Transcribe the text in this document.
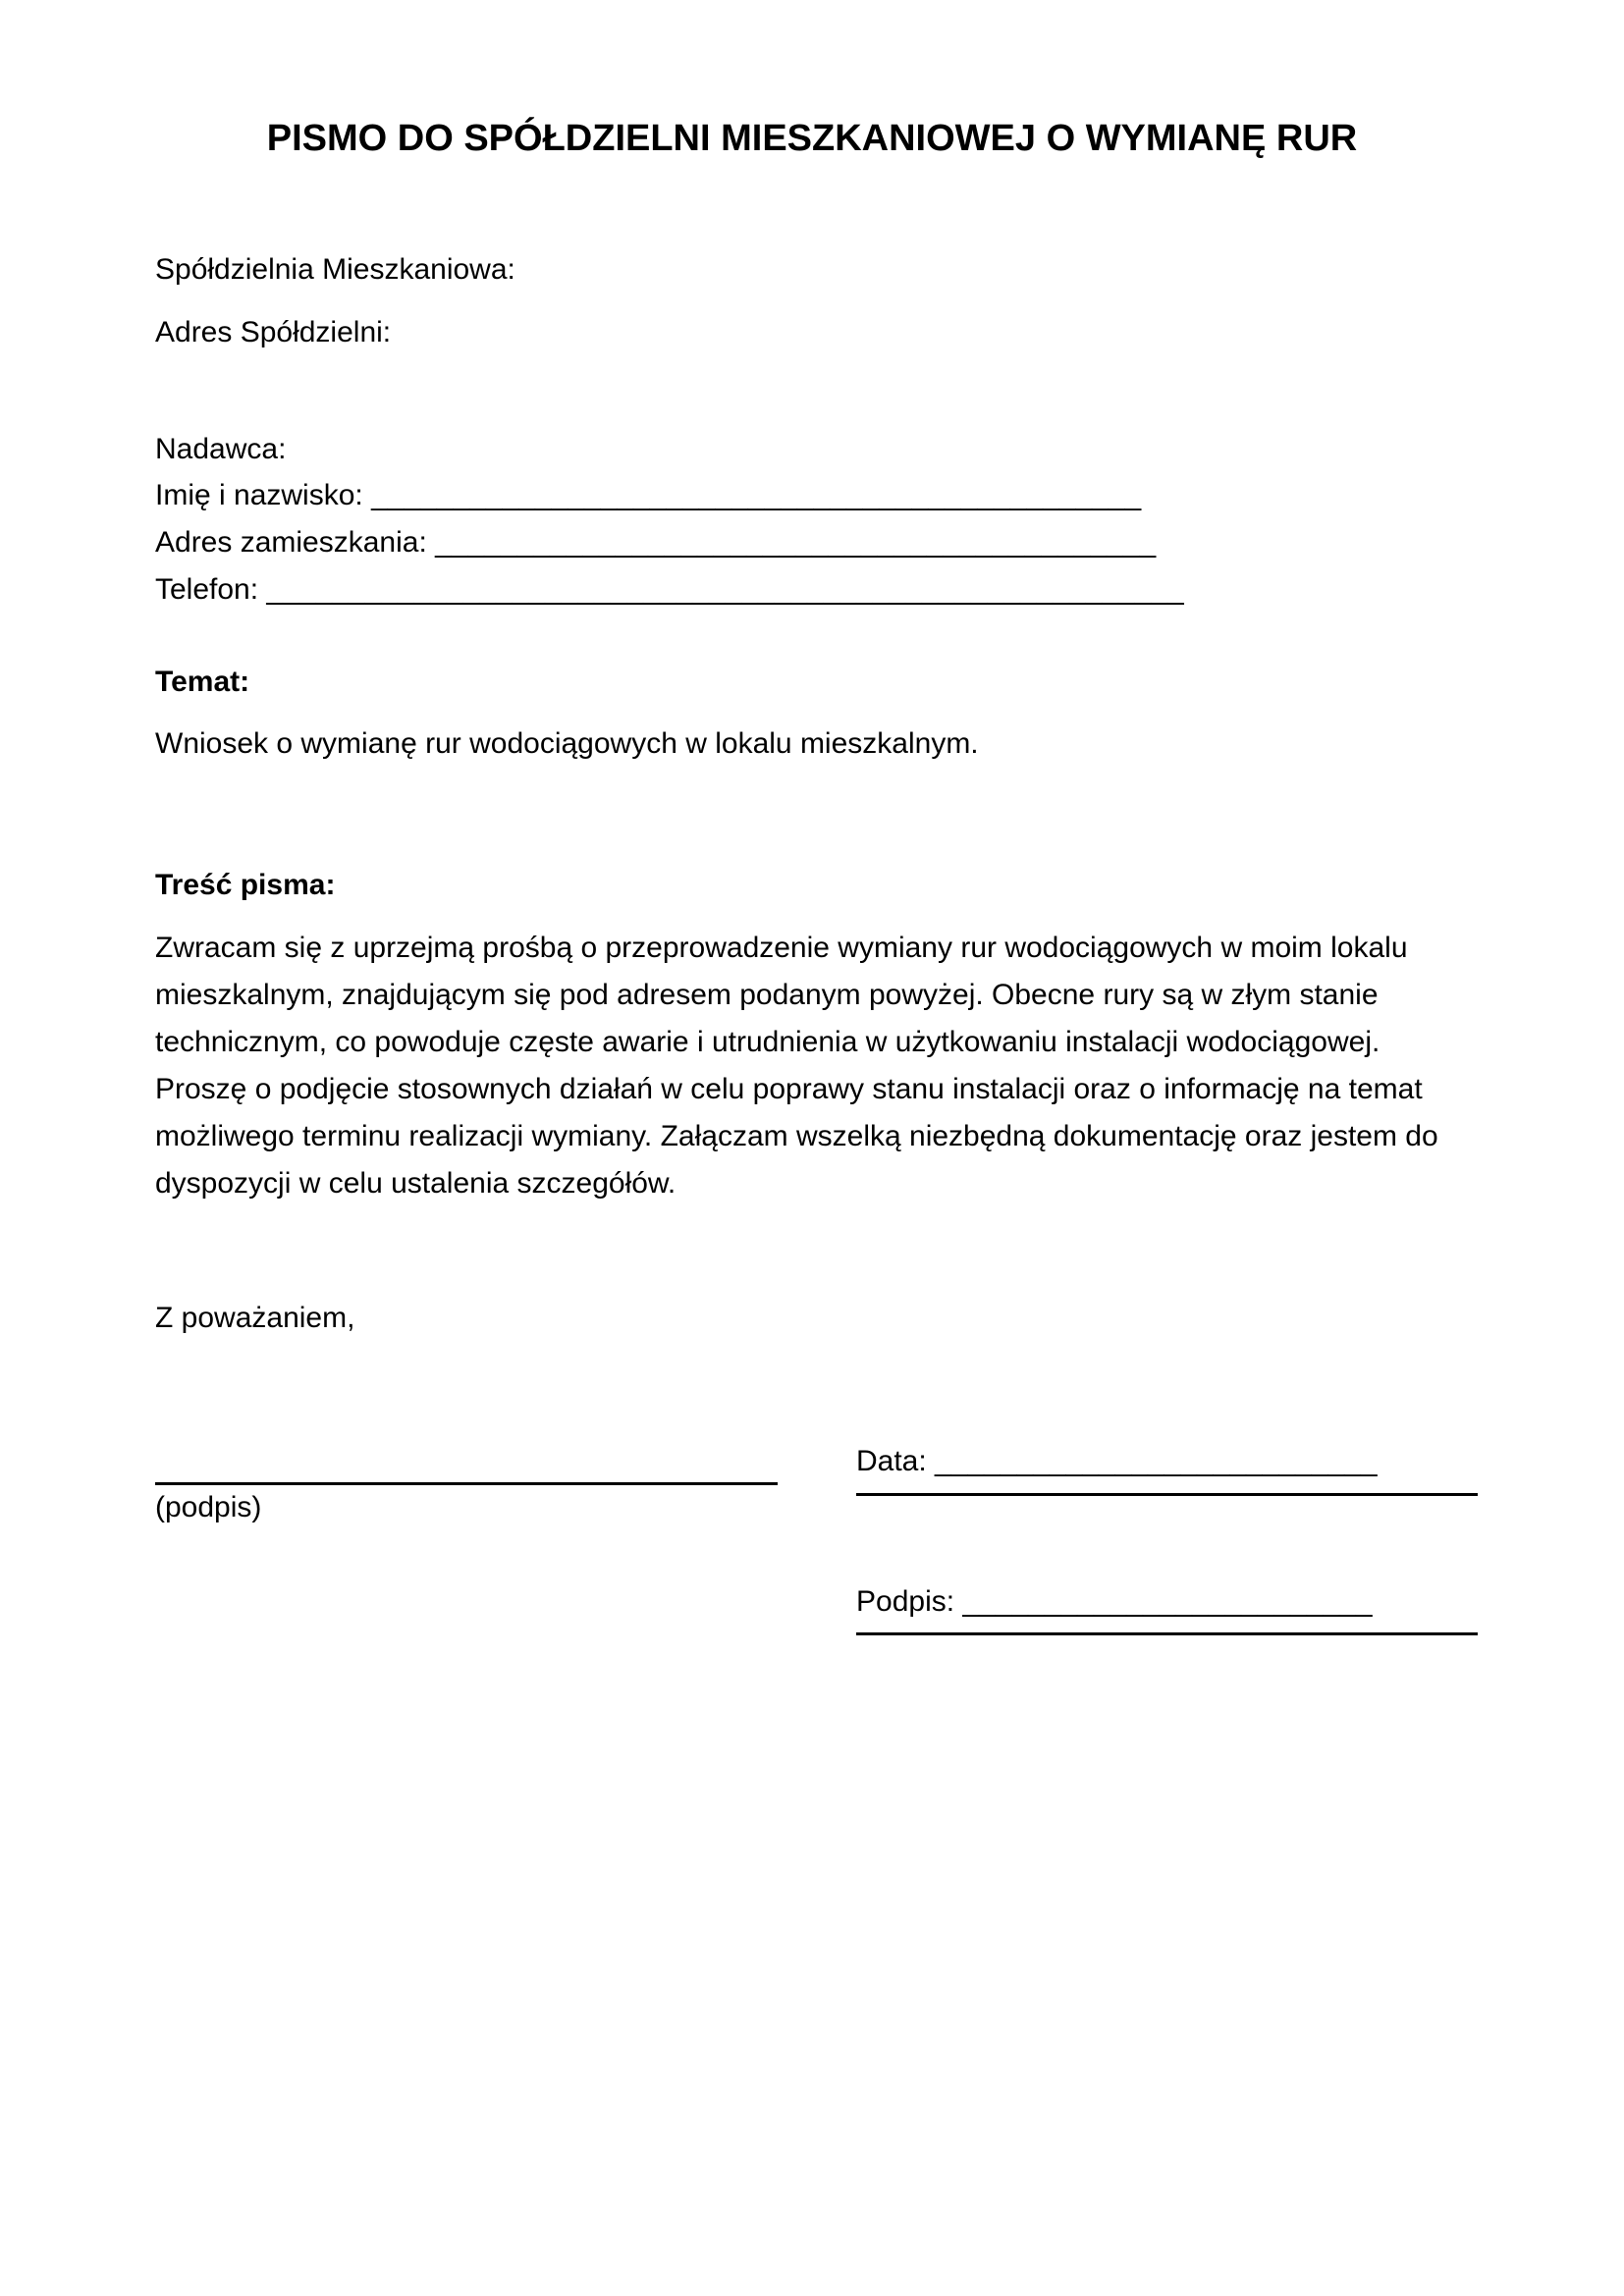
PISMO DO SPÓŁDZIELNI MIESZKANIOWEJ O WYMIANĘ RUR
Spółdzielnia Mieszkaniowa:
Adres Spółdzielni:
Nadawca:
Imię i nazwisko: _______________________________________________
Adres zamieszkania: ____________________________________________
Telefon: ________________________________________________________
Temat:
Wniosek o wymianę rur wodociągowych w lokalu mieszkalnym.
Treść pisma:
Zwracam się z uprzejmą prośbą o przeprowadzenie wymiany rur wodociągowych w moim lokalu
mieszkalnym, znajdującym się pod adresem podanym powyżej. Obecne rury są w złym stanie
technicznym, co powoduje częste awarie i utrudnienia w użytkowaniu instalacji wodociągowej.
Proszę o podjęcie stosownych działań w celu poprawy stanu instalacji oraz o informację na temat
możliwego terminu realizacji wymiany. Załączam wszelką niezbędną dokumentację oraz jestem do
dyspozycji w celu ustalenia szczegółów.
Z poważaniem,
(podpis)
Data: ___________________________
Podpis: _________________________
